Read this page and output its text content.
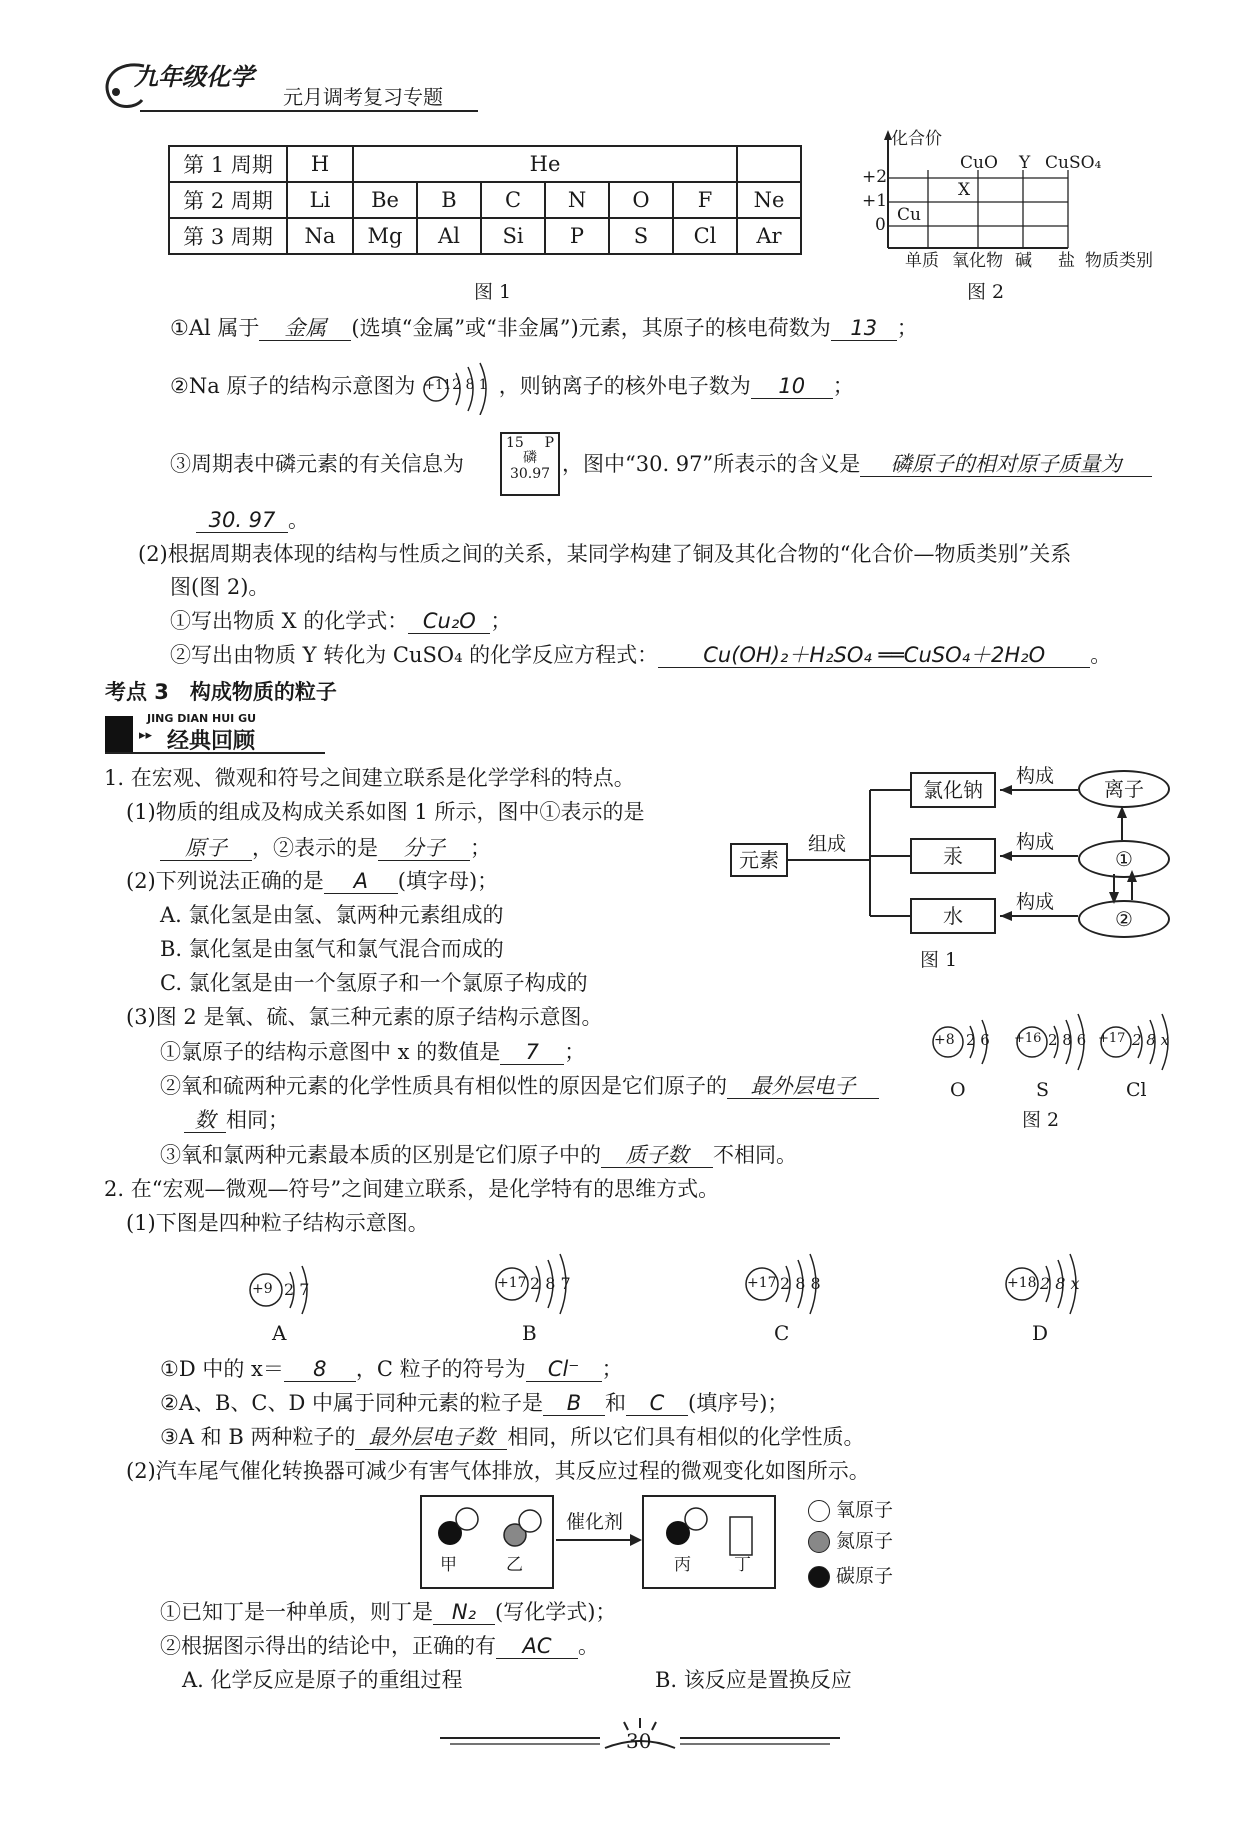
九年级化学
元月调考复习专题
第 1 周期	H	He						
第 2 周期	Li	Be	B	C	N	O	F	Ne
第 3 周期	Na	Mg	Al	Si	P	S	Cl	Ar
图 1
化合价
+2
+1
0
CuO Y CuSO₄
X
Cu
单质 氧化物 碱 盐 物质类别
图 2
①Al 属于 金属 (选填“金属”或“非金属”)元素，其原子的核电荷数为 13 ；
②Na 原子的结构示意图为 +11 2 8 1 ，则钠离子的核外电子数为 10 ；
③周期表中磷元素的有关信息为
15 P
磷
30.97 ，图中“30. 97”所表示的含义是 磷原子的相对原子质量为
30. 97 。
(2)根据周期表体现的结构与性质之间的关系，某同学构建了铜及其化合物的“化合价—物质类别”关系
图(图 2)。
①写出物质 X 的化学式： Cu₂O ；
②写出由物质 Y 转化为 CuSO₄ 的化学反应方程式： Cu(OH)₂＋H₂SO₄ ══CuSO₄＋2H₂O 。
考点 3　构成物质的粒子
JING DIAN HUI GU
▸▸ 经典回顾
1. 在宏观、微观和符号之间建立联系是化学学科的特点。
(1)物质的组成及构成关系如图 1 所示，图中①表示的是
原子 ，②表示的是 分子 ；
(2)下列说法正确的是 A (填字母)；
A. 氯化氢是由氢、氯两种元素组成的
B. 氯化氢是由氢气和氯气混合而成的
C. 氯化氢是由一个氢原子和一个氯原子构成的
(3)图 2 是氧、硫、氯三种元素的原子结构示意图。
①氯原子的结构示意图中 x 的数值是 7 ；
②氧和硫两种元素的化学性质具有相似性的原因是它们原子的 最外层电子
数 相同；
③氧和氯两种元素最本质的区别是它们原子中的 质子数 不相同。
元素
组成
氯化钠
汞
水
构成
构成
构成
离子
①
②
图 1
+8 2 6 +16 2 8 6 +17 2 8 x
O	S	Cl
图 2
2. 在“宏观—微观—符号”之间建立联系，是化学特有的思维方式。
(1)下图是四种粒子结构示意图。
+9 2 7	+17 2 8 7	+17 2 8 8	+18 2 8 x
A	B	C	D
①D 中的 x＝ 8 ，C 粒子的符号为 Cl⁻ ；
②A、B、C、D 中属于同种元素的粒子是 B 和 C (填序号)；
③A 和 B 两种粒子的 最外层电子数 相同，所以它们具有相似的化学性质。
(2)汽车尾气催化转换器可减少有害气体排放，其反应过程的微观变化如图所示。
催化剂
甲	乙	丙	丁
氧原子
氮原子
碳原子
①已知丁是一种单质，则丁是 N₂ (写化学式)；
②根据图示得出的结论中，正确的有 AC 。
A. 化学反应是原子的重组过程	B. 该反应是置换反应
30
